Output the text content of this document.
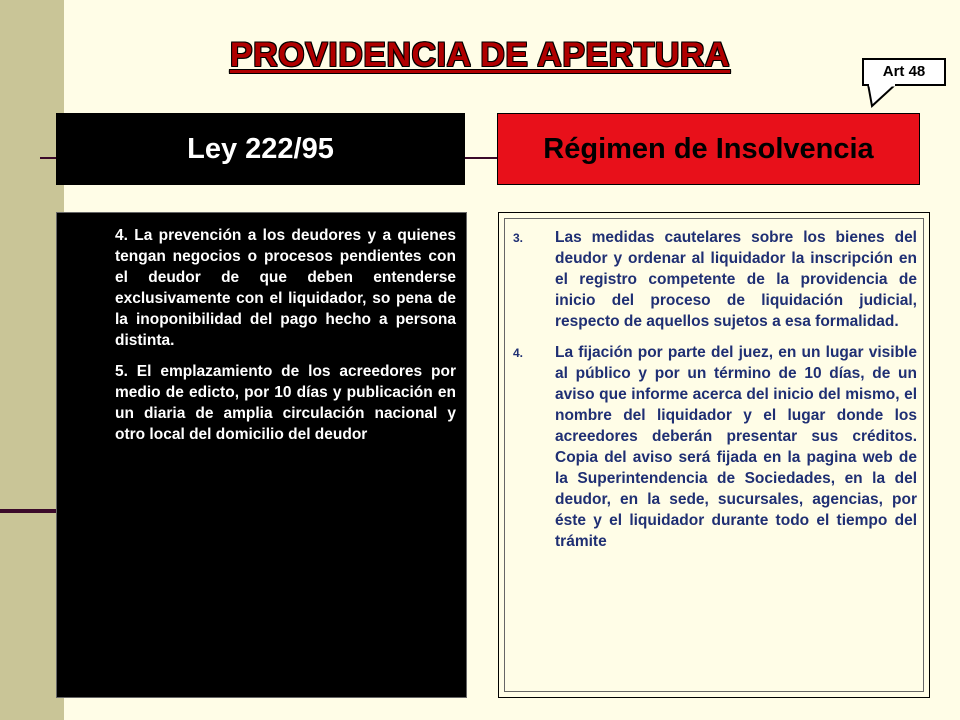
PROVIDENCIA DE APERTURA	Art 48
Ley 222/95	Régimen de Insolvencia
4. La prevención a los deudores y a quienes tengan negocios o procesos pendientes con el deudor de que deben entenderse exclusivamente con el liquidador, so pena de la inoponibilidad del pago hecho a persona distinta.
5. El emplazamiento de los acreedores por medio de edicto, por 10 días y publicación en un diaria de amplia circulación nacional y otro local del domicilio del deudor
3. Las medidas cautelares sobre los bienes del deudor y ordenar al liquidador la inscripción en el registro competente de la providencia de inicio del proceso de liquidación judicial, respecto de aquellos sujetos a esa formalidad.
4. La fijación por parte del juez, en un lugar visible al público y por un término de 10 días, de un aviso que informe acerca del inicio del mismo, el nombre del liquidador y el lugar donde los acreedores deberán presentar sus créditos. Copia del aviso será fijada en la pagina web de la Superintendencia de Sociedades, en la del deudor, en la sede, sucursales, agencias, por éste y el liquidador durante todo el tiempo del trámite
